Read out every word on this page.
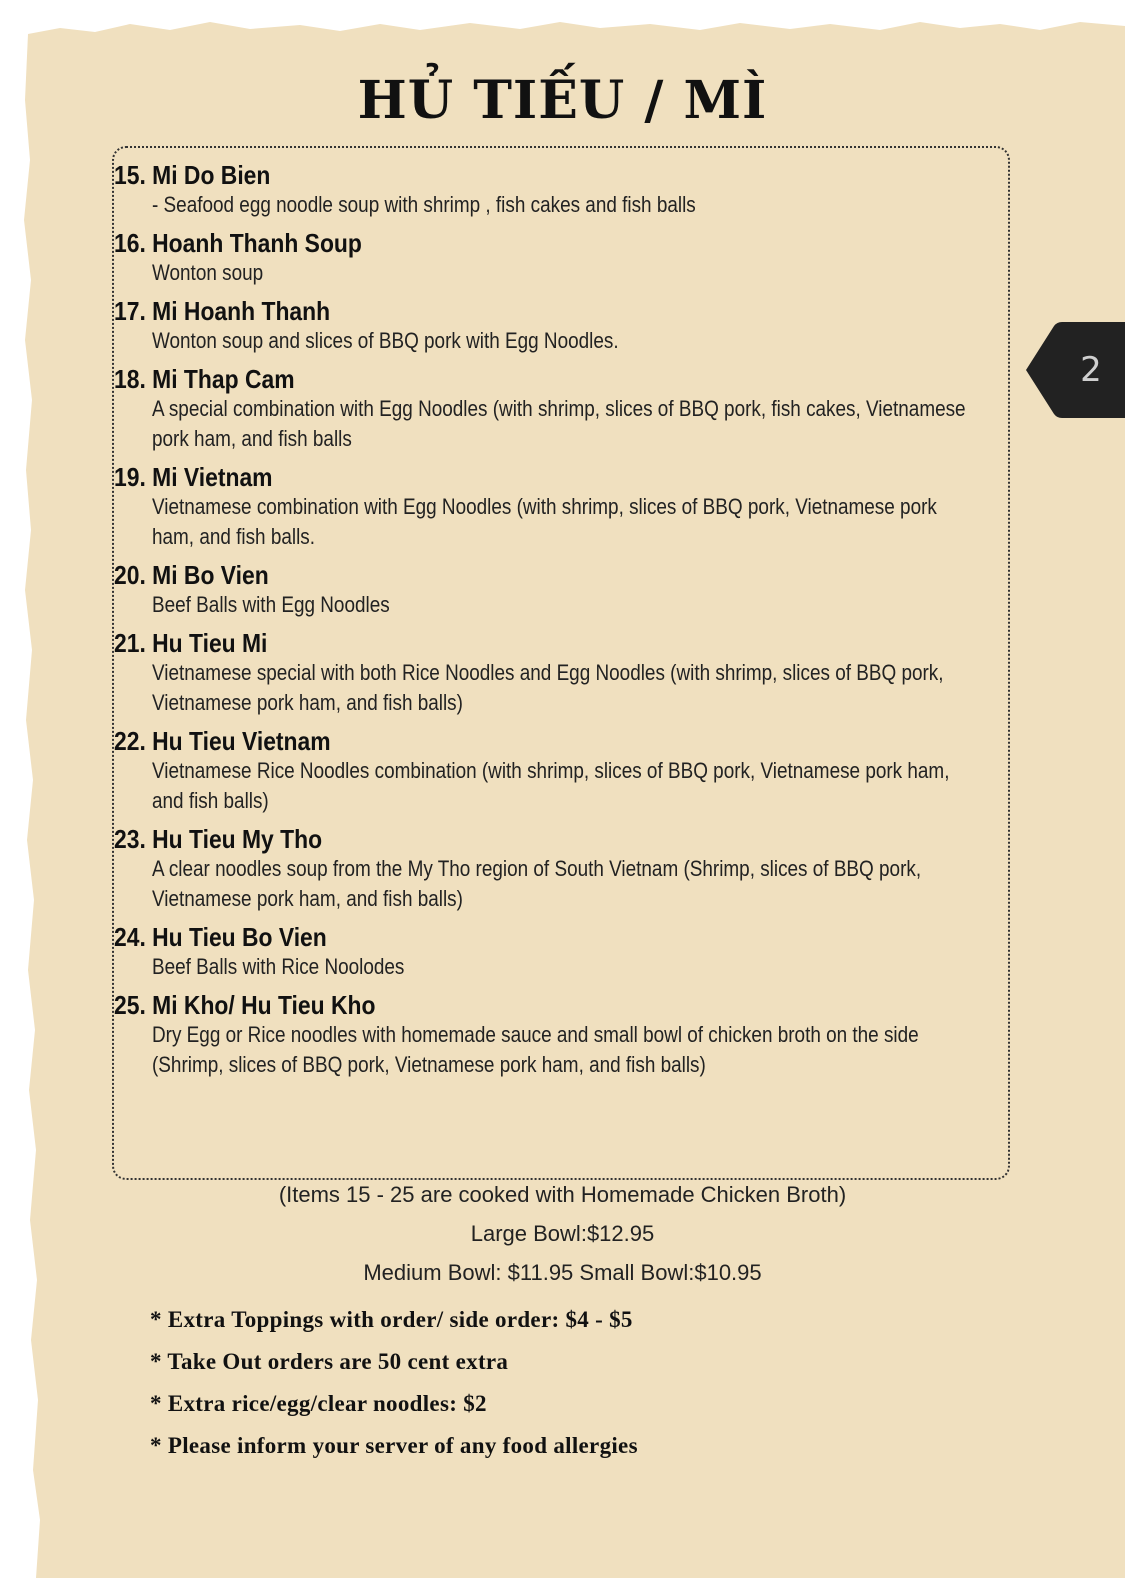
HỦ TIẾU / MÌ
15. Mi Do Bien
- Seafood egg noodle soup with shrimp , fish cakes and fish balls
16. Hoanh Thanh Soup
Wonton soup
17. Mi Hoanh Thanh
Wonton soup and slices of BBQ pork with Egg Noodles.
18. Mi Thap Cam
A special combination with Egg Noodles (with shrimp, slices of BBQ pork, fish cakes, Vietnamese pork ham, and fish balls
19. Mi Vietnam
Vietnamese combination with Egg Noodles (with shrimp, slices of BBQ pork, Vietnamese pork ham, and fish balls.
20. Mi Bo Vien
Beef Balls with Egg Noodles
21. Hu Tieu Mi
Vietnamese special with both Rice Noodles and Egg Noodles (with shrimp, slices of BBQ pork, Vietnamese pork ham, and fish balls)
22. Hu Tieu Vietnam
Vietnamese Rice Noodles combination (with shrimp, slices of BBQ pork, Vietnamese pork ham, and fish balls)
23. Hu Tieu My Tho
A clear noodles soup from the My Tho region of South Vietnam (Shrimp, slices of BBQ pork, Vietnamese pork ham, and fish balls)
24. Hu Tieu Bo Vien
Beef Balls with Rice Noolodes
25. Mi Kho/ Hu Tieu Kho
Dry Egg or Rice noodles with homemade sauce and small bowl of chicken broth on the side (Shrimp, slices of BBQ pork, Vietnamese pork ham, and fish balls)
(Items 15 - 25 are cooked with Homemade Chicken Broth)
Large Bowl:$12.95
Medium Bowl: $11.95 Small Bowl:$10.95
* Extra Toppings with order/ side order: $4 - $5
* Take Out orders are 50 cent extra
* Extra rice/egg/clear noodles: $2
* Please inform your server of any food allergies
2
